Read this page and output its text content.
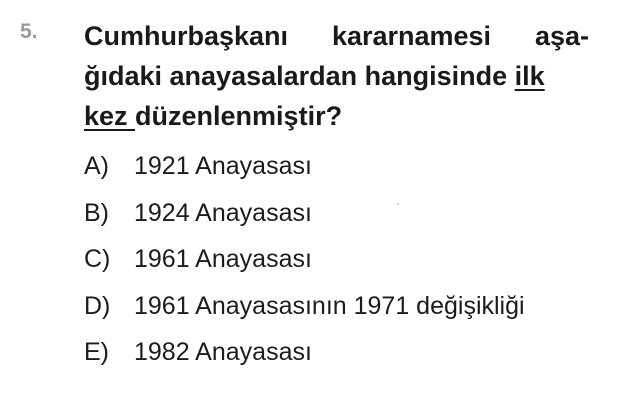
5. Cumhurbaşkanı kararnamesi aşa-
ğıdaki anayasalardan hangisinde ilk
kez düzenlenmiştir?
A)	1921 Anayasası
B)	1924 Anayasası
C) 1961 Anayasası
D) 1961 Anayasasının 1971 değişikliği
E)	1982 Anayasası
